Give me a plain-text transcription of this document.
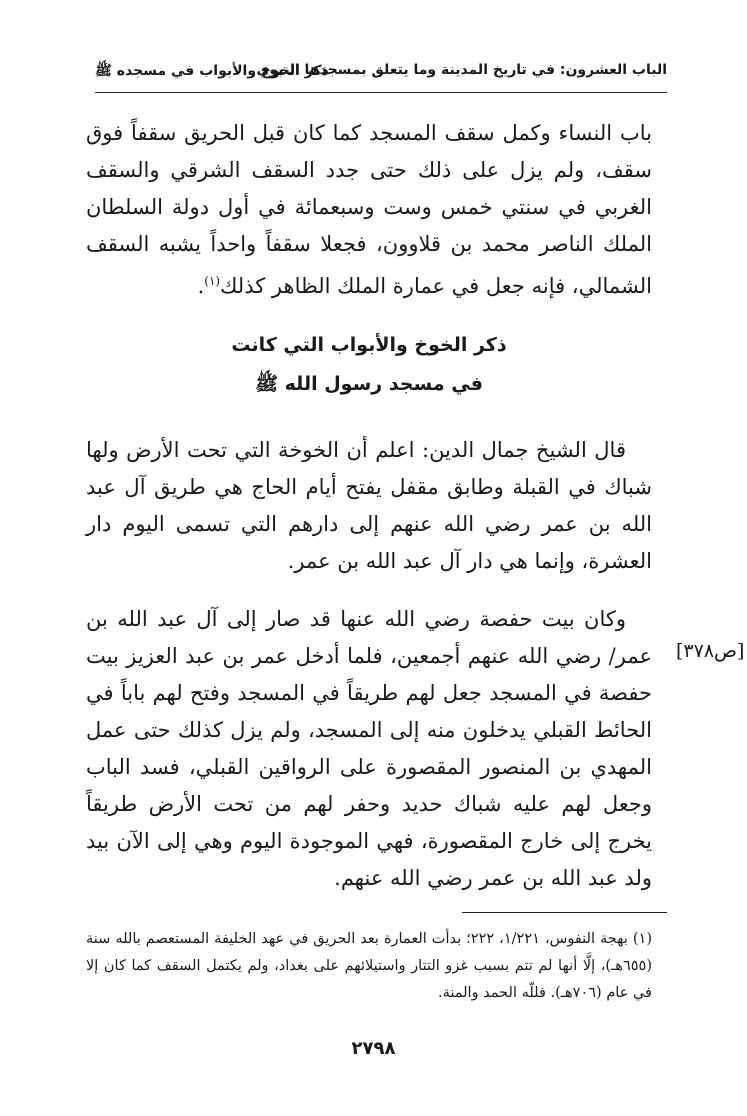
الباب العشرون: في تاريخ المدينة وما يتعلق بمسجدها النبوي
ذكر الخوخ والأبواب في مسجده ﷺ

باب النساء وكمل سقف المسجد كما كان قبل الحريق سقفاً فوق سقف، ولم يزل على ذلك حتى جدد السقف الشرقي والسقف الغربي في سنتي خمس وست وسبعمائة في أول دولة السلطان الملك الناصر محمد بن قلاوون، فجعلا سقفاً واحداً يشبه السقف الشمالي، فإنه جعل في عمارة الملك الظاهر كذلك$^{(١)}$.

ذكر الخوخ والأبواب التي كانت
في مسجد رسول الله ﷺ

قال الشيخ جمال الدين: اعلم أن الخوخة التي تحت الأرض ولها شباك في القبلة وطابق مقفل يفتح أيام الحاج هي طريق آل عبد الله بن عمر رضي الله عنهم إلى دارهم التي تسمى اليوم دار العشرة، وإنما هي دار آل عبد الله بن عمر.

وكان بيت حفصة رضي الله عنها قد صار إلى آل عبد الله بن عمر/ رضي الله عنهم أجمعين، فلما أدخل عمر بن عبد العزيز بيت حفصة في المسجد جعل لهم طريقاً في المسجد وفتح لهم باباً في الحائط القبلي يدخلون منه إلى المسجد، ولم يزل كذلك حتى عمل المهدي بن المنصور المقصورة على الرواقين القبلي، فسد الباب وجعل لهم عليه شباك حديد وحفر لهم من تحت الأرض طريقاً يخرج إلى خارج المقصورة، فهي الموجودة اليوم وهي إلى الآن بيد ولد عبد الله بن عمر رضي الله عنهم.

[ص٣٧٨]

(١) بهجة النفوس، ١/٢٢١، ٢٢٢؛ بدأت العمارة بعد الحريق في عهد الخليفة المستعصم بالله سنة (٦٥٥هـ)، إلَّا أنها لم تتم بسبب غزو التتار واستيلائهم على بغداد، ولم يكتمل السقف كما كان إلا في عام (٧٠٦هـ). فللّه الحمد والمنة.

٢٧٩٨
